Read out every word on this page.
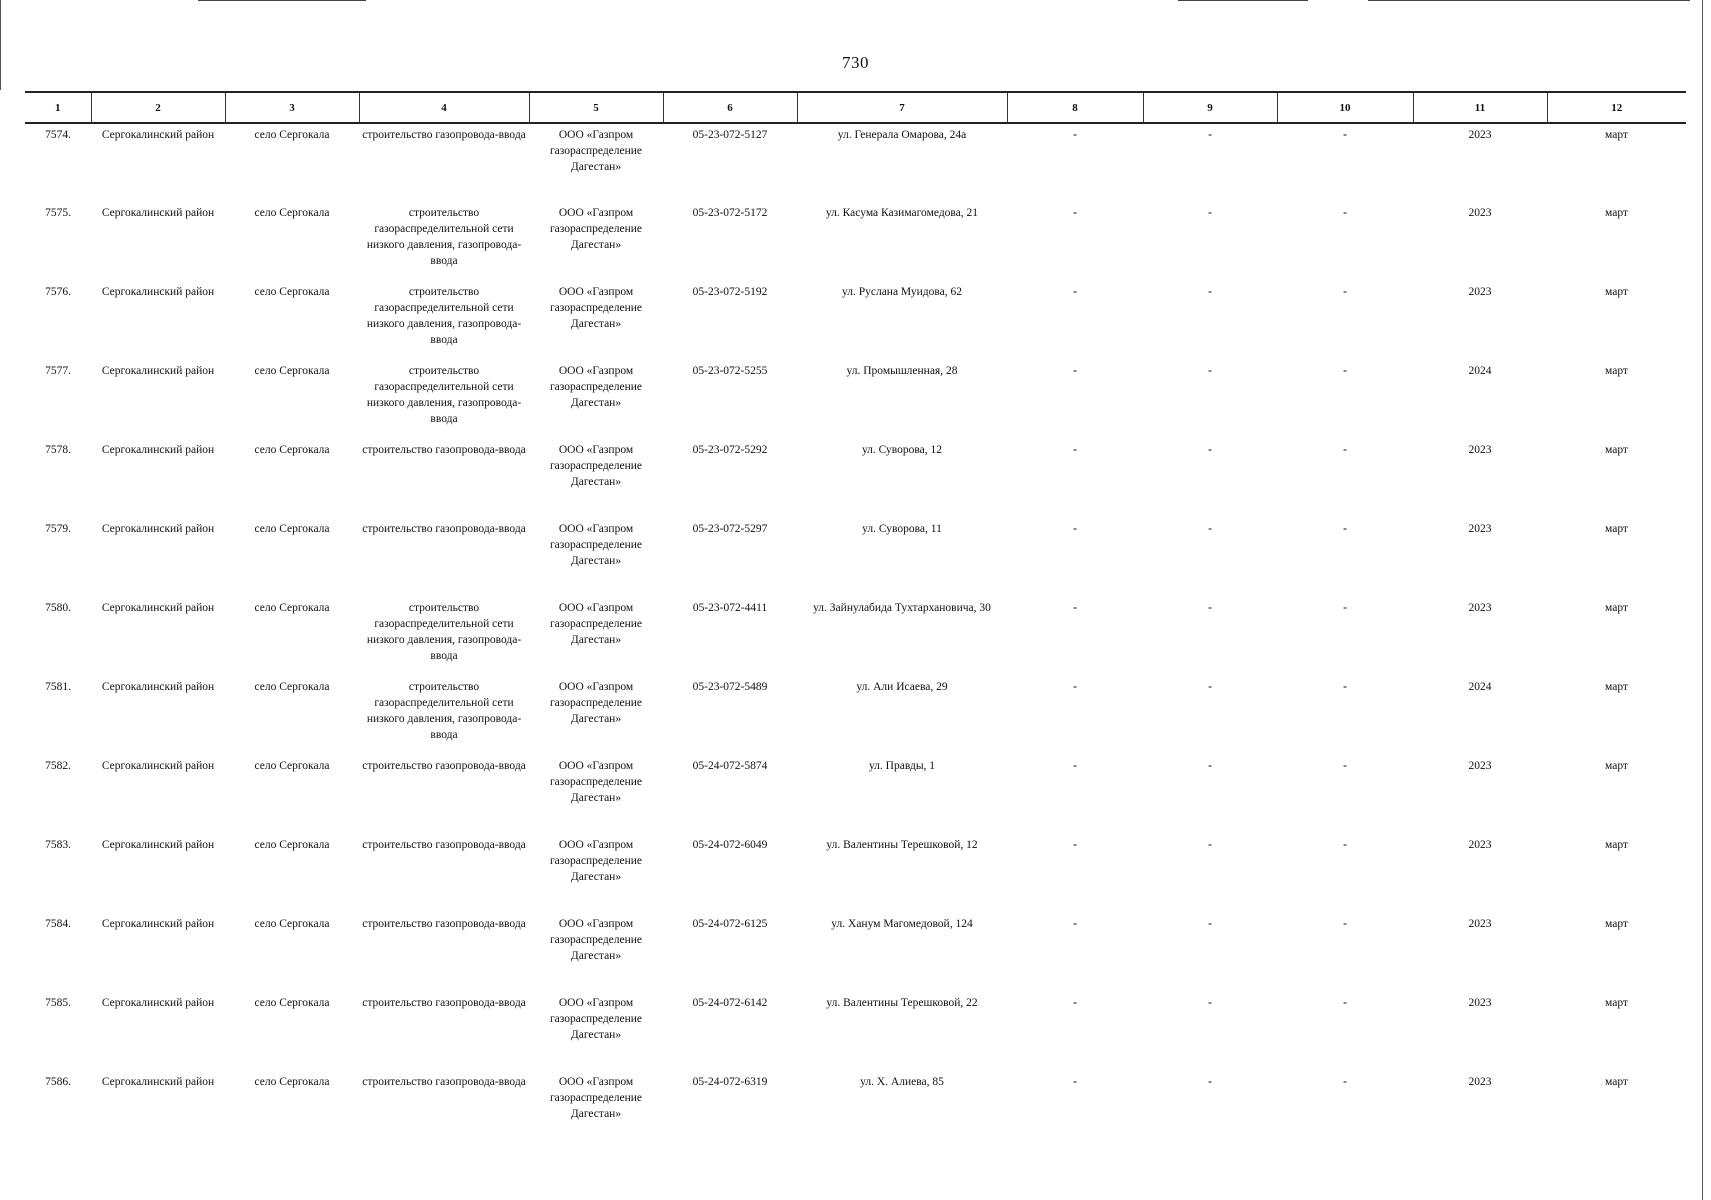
730
1	2	3	4	5	6	7	8	9	10	11	12
7574.	Сергокалинский район	село Сергокала	строительство газопровода-ввода	ООО «Газпром газораспределение Дагестан»	05-23-072-5127	ул. Генерала Омарова, 24а	-	-	-	2023	март
7575.	Сергокалинский район	село Сергокала	строительство газораспределительной сети низкого давления, газопровода-ввода	ООО «Газпром газораспределение Дагестан»	05-23-072-5172	ул. Касума Казимагомедова, 21	-	-	-	2023	март
7576.	Сергокалинский район	село Сергокала	строительство газораспределительной сети низкого давления, газопровода-ввода	ООО «Газпром газораспределение Дагестан»	05-23-072-5192	ул. Руслана Муидова, 62	-	-	-	2023	март
7577.	Сергокалинский район	село Сергокала	строительство газораспределительной сети низкого давления, газопровода-ввода	ООО «Газпром газораспределение Дагестан»	05-23-072-5255	ул. Промышленная, 28	-	-	-	2024	март
7578.	Сергокалинский район	село Сергокала	строительство газопровода-ввода	ООО «Газпром газораспределение Дагестан»	05-23-072-5292	ул. Суворова, 12	-	-	-	2023	март
7579.	Сергокалинский район	село Сергокала	строительство газопровода-ввода	ООО «Газпром газораспределение Дагестан»	05-23-072-5297	ул. Суворова, 11	-	-	-	2023	март
7580.	Сергокалинский район	село Сергокала	строительство газораспределительной сети низкого давления, газопровода-ввода	ООО «Газпром газораспределение Дагестан»	05-23-072-4411	ул. Зайнулабида Тухтархановича, 30	-	-	-	2023	март
7581.	Сергокалинский район	село Сергокала	строительство газораспределительной сети низкого давления, газопровода-ввода	ООО «Газпром газораспределение Дагестан»	05-23-072-5489	ул. Али Исаева, 29	-	-	-	2024	март
7582.	Сергокалинский район	село Сергокала	строительство газопровода-ввода	ООО «Газпром газораспределение Дагестан»	05-24-072-5874	ул. Правды, 1	-	-	-	2023	март
7583.	Сергокалинский район	село Сергокала	строительство газопровода-ввода	ООО «Газпром газораспределение Дагестан»	05-24-072-6049	ул. Валентины Терешковой, 12	-	-	-	2023	март
7584.	Сергокалинский район	село Сергокала	строительство газопровода-ввода	ООО «Газпром газораспределение Дагестан»	05-24-072-6125	ул. Ханум Магомедовой, 124	-	-	-	2023	март
7585.	Сергокалинский район	село Сергокала	строительство газопровода-ввода	ООО «Газпром газораспределение Дагестан»	05-24-072-6142	ул. Валентины Терешковой, 22	-	-	-	2023	март
7586.	Сергокалинский район	село Сергокала	строительство газопровода-ввода	ООО «Газпром газораспределение Дагестан»	05-24-072-6319	ул. Х. Алиева, 85	-	-	-	2023	март
